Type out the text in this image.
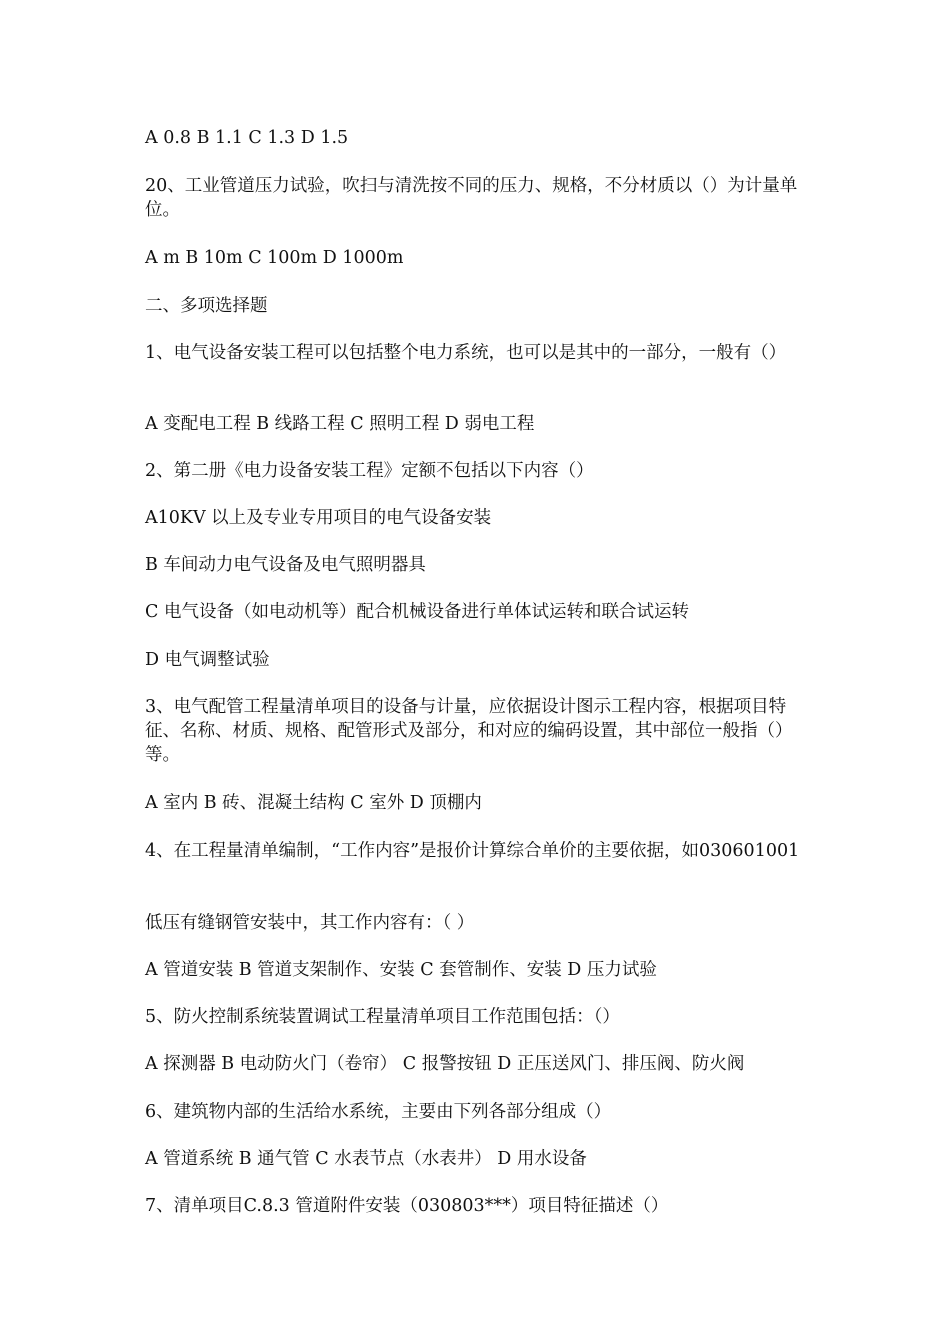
A 0.8 B 1.1 C 1.3 D 1.5

20、工业管道压力试验，吹扫与清洗按不同的压力、规格，不分材质以（）为计量单位。

A m B 10m C 100m D 1000m

二、多项选择题

1、电气设备安装工程可以包括整个电力系统，也可以是其中的一部分，一般有（）

A 变配电工程 B 线路工程 C 照明工程 D 弱电工程

2、第二册《电力设备安装工程》定额不包括以下内容（）

A10KV 以上及专业专用项目的电气设备安装

B 车间动力电气设备及电气照明器具

C 电气设备（如电动机等）配合机械设备进行单体试运转和联合试运转

D 电气调整试验

3、电气配管工程量清单项目的设备与计量，应依据设计图示工程内容，根据项目特征、名称、材质、规格、配管形式及部分，和对应的编码设置，其中部位一般指（）等。

A 室内 B 砖、混凝土结构 C 室外 D 顶棚内

4、在工程量清单编制，“工作内容”是报价计算综合单价的主要依据，如030601001

低压有缝钢管安装中，其工作内容有：（ ）

A 管道安装 B 管道支架制作、安装 C 套管制作、安装 D 压力试验

5、防火控制系统装置调试工程量清单项目工作范围包括：（）

A 探测器 B 电动防火门（卷帘） C 报警按钮 D 正压送风门、排压阀、防火阀

6、建筑物内部的生活给水系统，主要由下列各部分组成（）

A 管道系统 B 通气管 C 水表节点（水表井） D 用水设备

7、清单项目C.8.3 管道附件安装（030803***）项目特征描述（）
